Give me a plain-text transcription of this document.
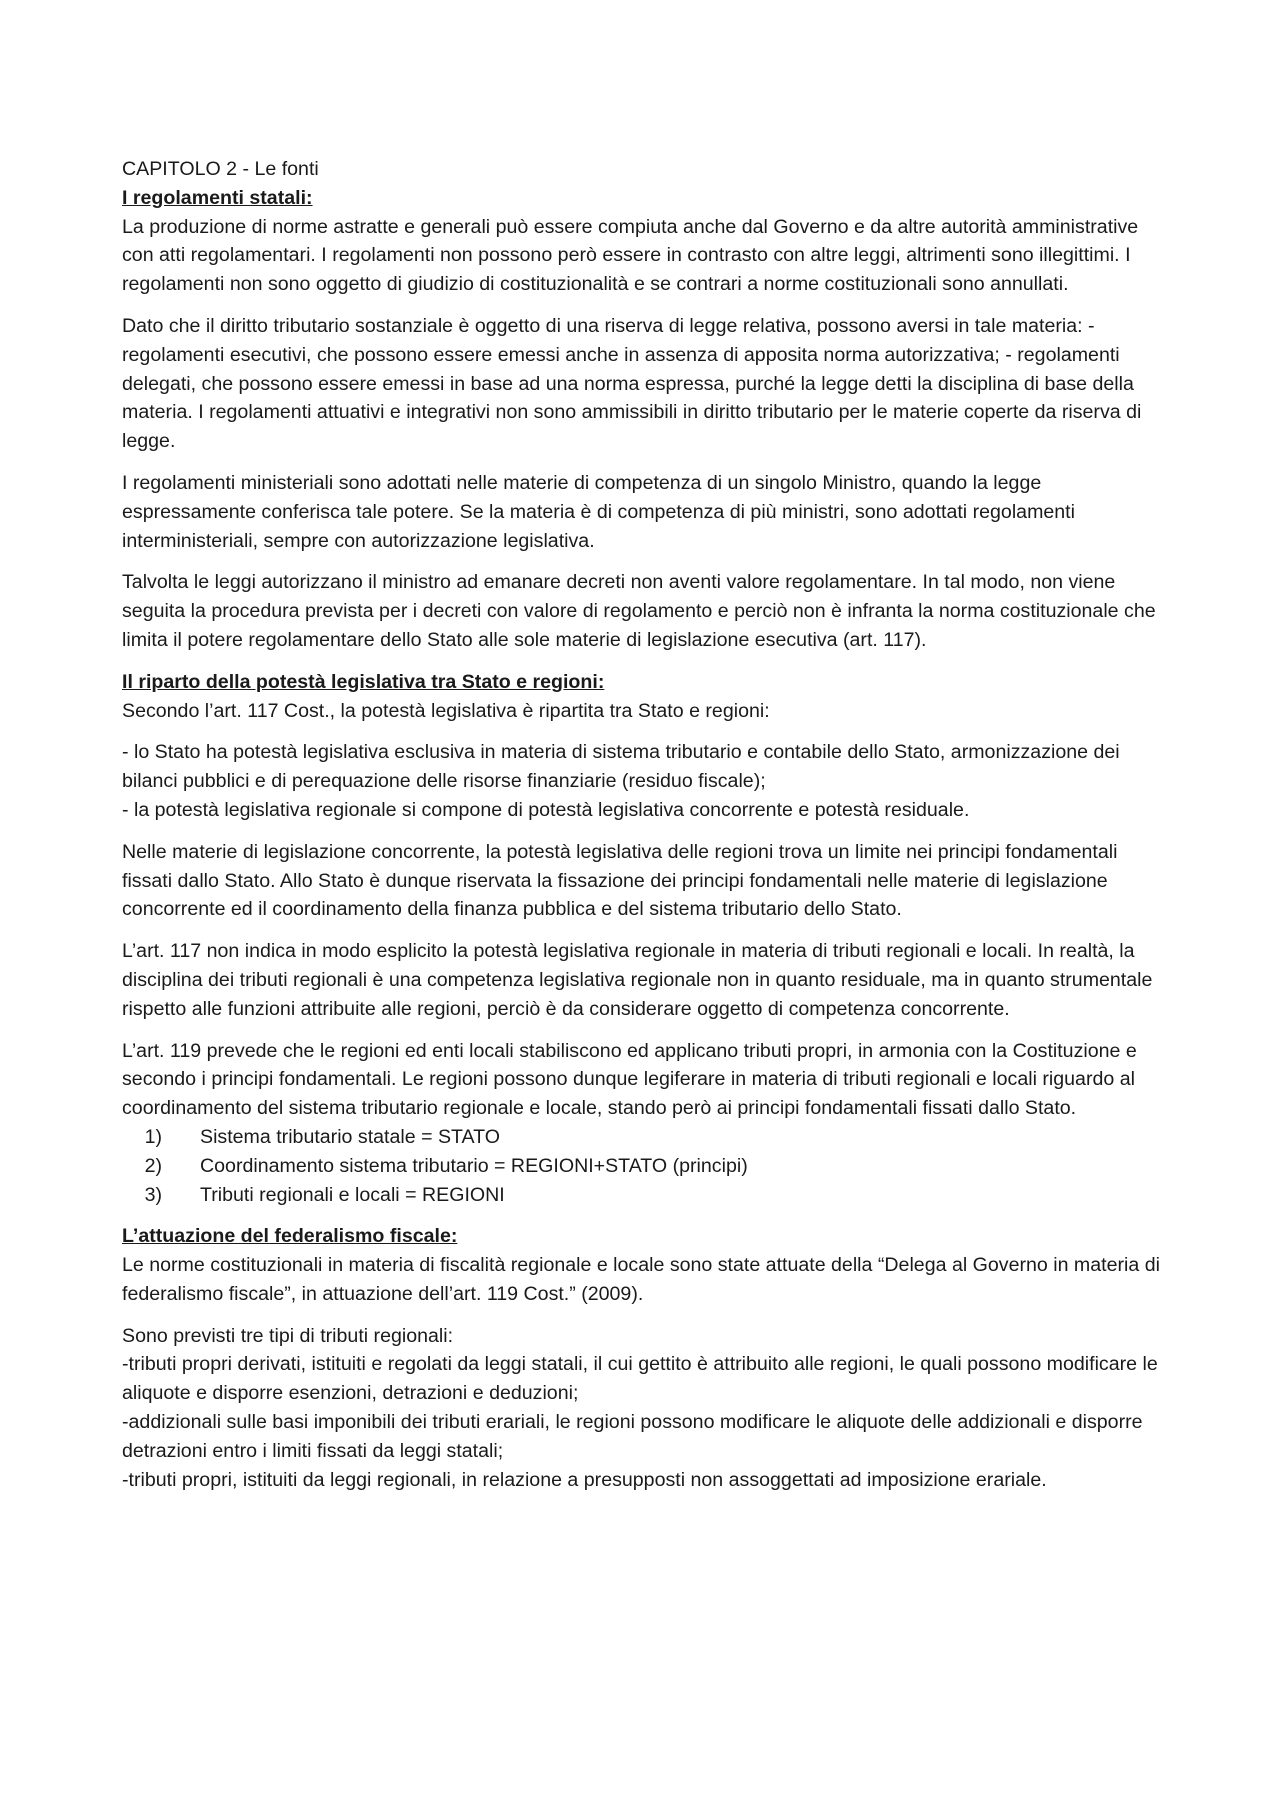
CAPITOLO 2 - Le fonti

I regolamenti statali:

La produzione di norme astratte e generali può essere compiuta anche dal Governo e da altre autorità amministrative con atti regolamentari. I regolamenti non possono però essere in contrasto con altre leggi, altrimenti sono illegittimi. I regolamenti non sono oggetto di giudizio di costituzionalità e se contrari a norme costituzionali sono annullati.

Dato che il diritto tributario sostanziale è oggetto di una riserva di legge relativa, possono aversi in tale materia: - regolamenti esecutivi, che possono essere emessi anche in assenza di apposita norma autorizzativa; - regolamenti delegati, che possono essere emessi in base ad una norma espressa, purché la legge detti la disciplina di base della materia. I regolamenti attuativi e integrativi non sono ammissibili in diritto tributario per le materie coperte da riserva di legge.

I regolamenti ministeriali sono adottati nelle materie di competenza di un singolo Ministro, quando la legge espressamente conferisca tale potere. Se la materia è di competenza di più ministri, sono adottati regolamenti interministeriali, sempre con autorizzazione legislativa.

Talvolta le leggi autorizzano il ministro ad emanare decreti non aventi valore regolamentare. In tal modo, non viene seguita la procedura prevista per i decreti con valore di regolamento e perciò non è infranta la norma costituzionale che limita il potere regolamentare dello Stato alle sole materie di legislazione esecutiva (art. 117).

Il riparto della potestà legislativa tra Stato e regioni:

Secondo l’art. 117 Cost., la potestà legislativa è ripartita tra Stato e regioni:

- lo Stato ha potestà legislativa esclusiva in materia di sistema tributario e contabile dello Stato, armonizzazione dei bilanci pubblici e di perequazione delle risorse finanziarie (residuo fiscale);

- la potestà legislativa regionale si compone di potestà legislativa concorrente e potestà residuale.

Nelle materie di legislazione concorrente, la potestà legislativa delle regioni trova un limite nei principi fondamentali fissati dallo Stato. Allo Stato è dunque riservata la fissazione dei principi fondamentali nelle materie di legislazione concorrente ed il coordinamento della finanza pubblica e del sistema tributario dello Stato.

L’art. 117 non indica in modo esplicito la potestà legislativa regionale in materia di tributi regionali e locali. In realtà, la disciplina dei tributi regionali è una competenza legislativa regionale non in quanto residuale, ma in quanto strumentale rispetto alle funzioni attribuite alle regioni, perciò è da considerare oggetto di competenza concorrente.

L’art. 119 prevede che le regioni ed enti locali stabiliscono ed applicano tributi propri, in armonia con la Costituzione e secondo i principi fondamentali. Le regioni possono dunque legiferare in materia di tributi regionali e locali riguardo al coordinamento del sistema tributario regionale e locale, stando però ai principi fondamentali fissati dallo Stato.

1) Sistema tributario statale = STATO
2) Coordinamento sistema tributario = REGIONI+STATO (principi)
3) Tributi regionali e locali = REGIONI

L’attuazione del federalismo fiscale:

Le norme costituzionali in materia di fiscalità regionale e locale sono state attuate della “Delega al Governo in materia di federalismo fiscale”, in attuazione dell’art. 119 Cost.” (2009).

Sono previsti tre tipi di tributi regionali:

-tributi propri derivati, istituiti e regolati da leggi statali, il cui gettito è attribuito alle regioni, le quali possono modificare le aliquote e disporre esenzioni, detrazioni e deduzioni;

-addizionali sulle basi imponibili dei tributi erariali, le regioni possono modificare le aliquote delle addizionali e disporre detrazioni entro i limiti fissati da leggi statali;

-tributi propri, istituiti da leggi regionali, in relazione a presupposti non assoggettati ad imposizione erariale.
